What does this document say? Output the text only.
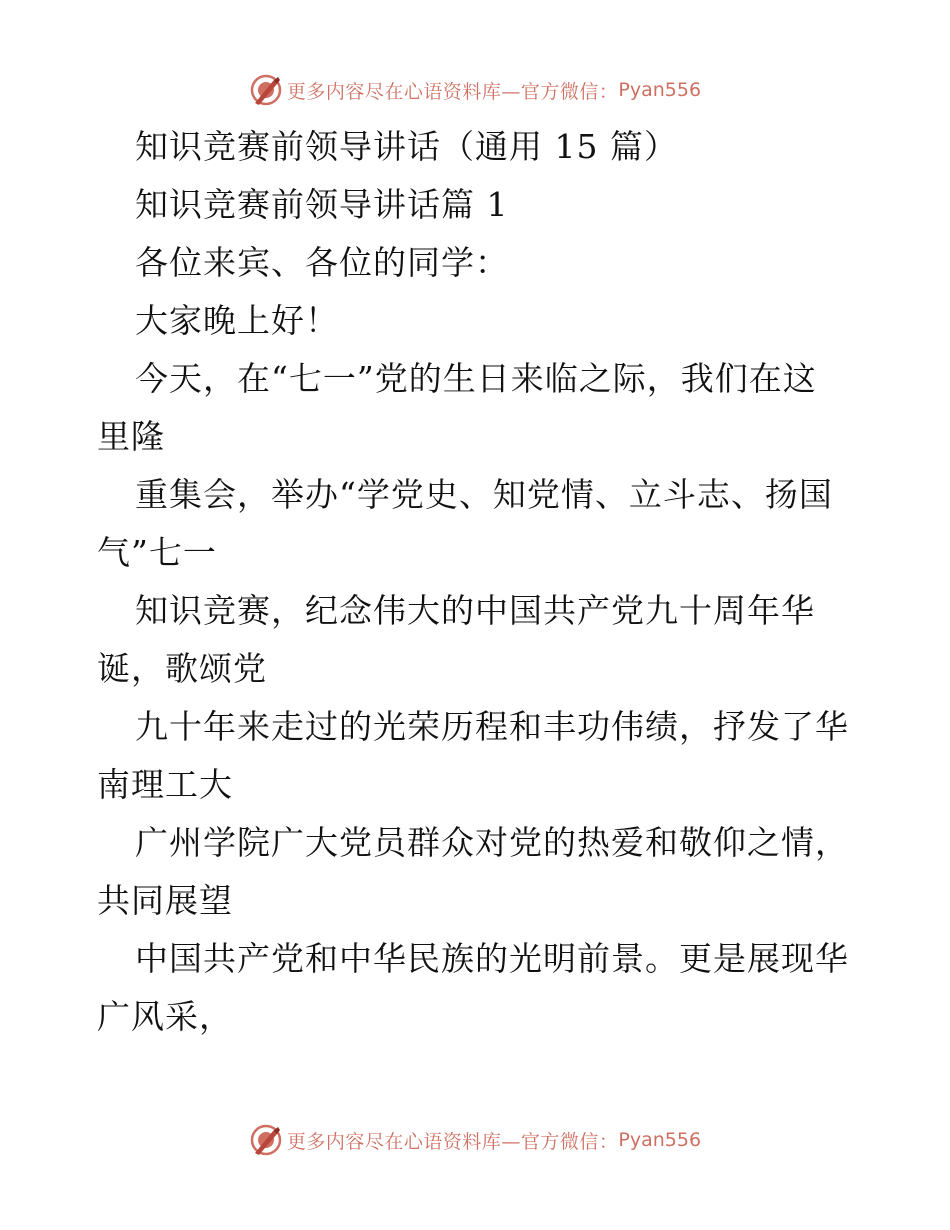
更多内容尽在心语资料库—官方微信： Pyan556
知识竞赛前领导讲话（通用 15 篇）
知识竞赛前领导讲话篇 1
各位来宾、各位的同学：
大家晚上好！
今天，在“七一”党的生日来临之际，我们在这
里隆
重集会，举办“学党史、知党情、立斗志、扬国
气”七一
知识竞赛，纪念伟大的中国共产党九十周年华
诞，歌颂党
九十年来走过的光荣历程和丰功伟绩，抒发了华
南理工大
广州学院广大党员群众对党的热爱和敬仰之情，
共同展望
中国共产党和中华民族的光明前景。更是展现华
广风采，
更多内容尽在心语资料库—官方微信： Pyan556
